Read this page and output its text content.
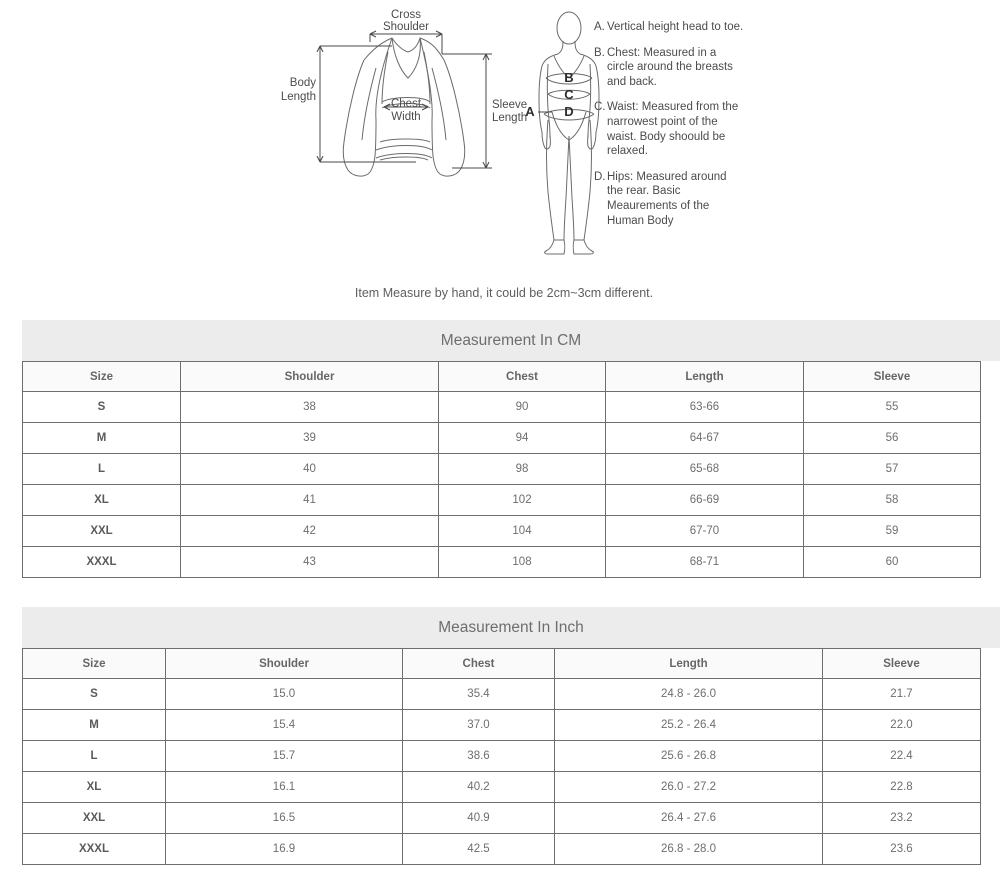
Cross
Shoulder
Body
Length
Chest
Width
Sleeve
Length
A
B
C
D
A. Vertical height head to toe.
B. Chest: Measured in a circle around the breasts and back.
C. Waist: Measured from the narrowest point of the waist. Body shoould be relaxed.
D. Hips: Measured around the rear. Basic Meaurements of the Human Body
Item Measure by hand, it could be 2cm~3cm different.
Measurement In CM
Size	Shoulder	Chest	Length	Sleeve
S	38	90	63-66	55
M	39	94	64-67	56
L	40	98	65-68	57
XL	41	102	66-69	58
XXL	42	104	67-70	59
XXXL	43	108	68-71	60
Measurement In Inch
Size	Shoulder	Chest	Length	Sleeve
S	15.0	35.4	24.8 - 26.0	21.7
M	15.4	37.0	25.2 - 26.4	22.0
L	15.7	38.6	25.6 - 26.8	22.4
XL	16.1	40.2	26.0 - 27.2	22.8
XXL	16.5	40.9	26.4 - 27.6	23.2
XXXL	16.9	42.5	26.8 - 28.0	23.6
